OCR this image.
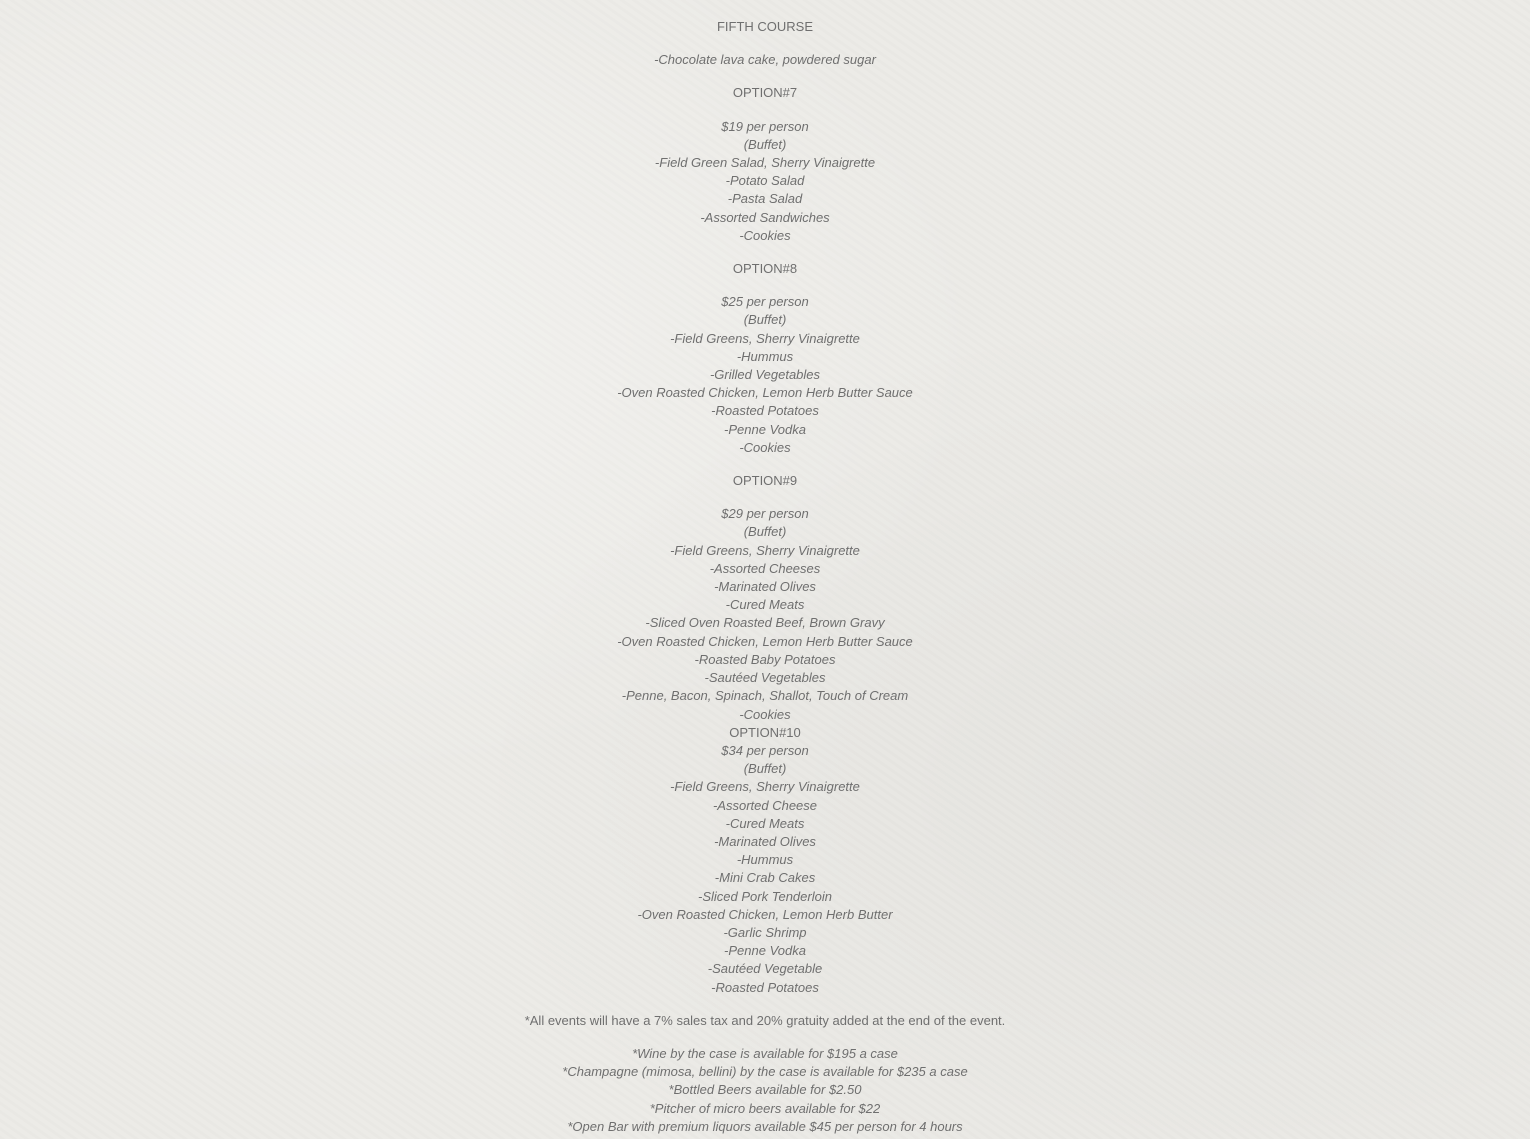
FIFTH COURSE
-Chocolate lava cake, powdered sugar
OPTION#7
$19 per person
(Buffet)
-Field Green Salad, Sherry Vinaigrette
-Potato Salad
-Pasta Salad
-Assorted Sandwiches
-Cookies
OPTION#8
$25 per person
(Buffet)
-Field Greens, Sherry Vinaigrette
-Hummus
-Grilled Vegetables
-Oven Roasted Chicken, Lemon Herb Butter Sauce
-Roasted Potatoes
-Penne Vodka
-Cookies
OPTION#9
$29 per person
(Buffet)
-Field Greens, Sherry Vinaigrette
-Assorted Cheeses
-Marinated Olives
-Cured Meats
-Sliced Oven Roasted Beef, Brown Gravy
-Oven Roasted Chicken, Lemon Herb Butter Sauce
-Roasted Baby Potatoes
-Sautéed Vegetables
-Penne, Bacon, Spinach, Shallot, Touch of Cream
-Cookies
OPTION#10
$34 per person
(Buffet)
-Field Greens, Sherry Vinaigrette
-Assorted Cheese
-Cured Meats
-Marinated Olives
-Hummus
-Mini Crab Cakes
-Sliced Pork Tenderloin
-Oven Roasted Chicken, Lemon Herb Butter
-Garlic Shrimp
-Penne Vodka
-Sautéed Vegetable
-Roasted Potatoes
*All events will have a 7% sales tax and 20% gratuity added at the end of the event.
*Wine by the case is available for $195 a case
*Champagne (mimosa, bellini) by the case is available for $235 a case
*Bottled Beers available for $2.50
*Pitcher of micro beers available for $22
*Open Bar with premium liquors available $45 per person for 4 hours
